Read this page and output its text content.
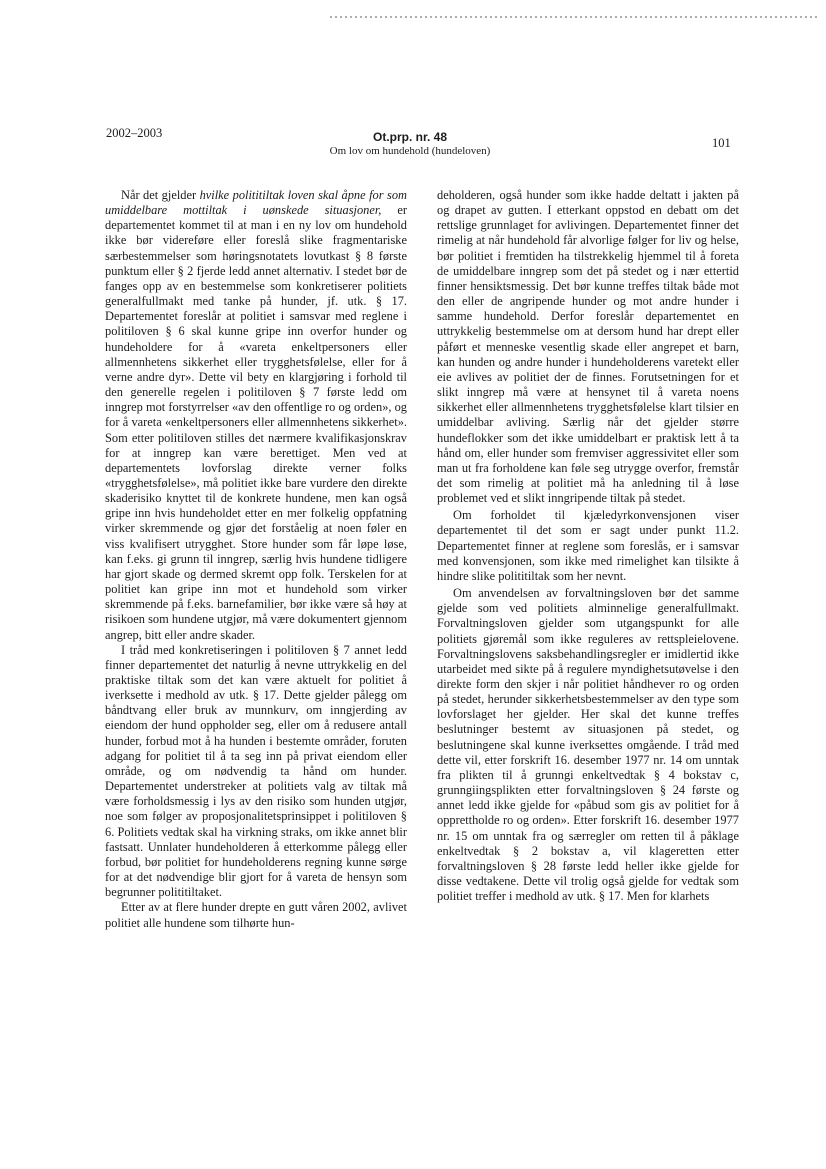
2002–2003	Ot.prp. nr. 48
Om lov om hundehold (hundeloven)
101

Når det gjelder hvilke polititiltak loven skal åpne for som umiddelbare mottiltak i uønskede situasjoner, er departementet kommet til at man i en ny lov om hundehold ikke bør videreføre eller foreslå slike fragmentariske særbestemmelser som høringsnotatets lovutkast § 8 første punktum eller § 2 fjerde ledd annet alternativ. I stedet bør de fanges opp av en bestemmelse som konkretiserer politiets generalfullmakt med tanke på hunder, jf. utk. § 17. Departementet foreslår at politiet i samsvar med reglene i politiloven § 6 skal kunne gripe inn overfor hunder og hundeholdere for å «vareta enkeltpersoners eller allmennhetens sikkerhet eller trygghetsfølelse, eller for å verne andre dyr». Dette vil bety en klargjøring i forhold til den generelle regelen i politiloven § 7 første ledd om inngrep mot forstyrrelser «av den offentlige ro og orden», og for å vareta «enkeltpersoners eller allmennhetens sikkerhet». Som etter politiloven stilles det nærmere kvalifikasjonskrav for at inngrep kan være berettiget. Men ved at departementets lovforslag direkte verner folks «trygghetsfølelse», må politiet ikke bare vurdere den direkte skaderisiko knyttet til de konkrete hundene, men kan også gripe inn hvis hundeholdet etter en mer folkelig oppfatning virker skremmende og gjør det forståelig at noen føler en viss kvalifisert utrygghet. Store hunder som får løpe løse, kan f.eks. gi grunn til inngrep, særlig hvis hundene tidligere har gjort skade og dermed skremt opp folk. Terskelen for at politiet kan gripe inn mot et hundehold som virker skremmende på f.eks. barnefamilier, bør ikke være så høy at risikoen som hundene utgjør, må være dokumentert gjennom angrep, bitt eller andre skader.

I tråd med konkretiseringen i politiloven § 7 annet ledd finner departementet det naturlig å nevne uttrykkelig en del praktiske tiltak som det kan være aktuelt for politiet å iverksette i medhold av utk. § 17. Dette gjelder pålegg om båndtvang eller bruk av munnkurv, om inngjerding av eiendom der hund oppholder seg, eller om å redusere antall hunder, forbud mot å ha hunden i bestemte områder, foruten adgang for politiet til å ta seg inn på privat eiendom eller område, og om nødvendig ta hånd om hunder. Departementet understreker at politiets valg av tiltak må være forholdsmessig i lys av den risiko som hunden utgjør, noe som følger av proposjonalitetsprinsippet i politiloven § 6. Politiets vedtak skal ha virkning straks, om ikke annet blir fastsatt. Unnlater hundeholderen å etterkomme pålegg eller forbud, bør politiet for hundeholderens regning kunne sørge for at det nødvendige blir gjort for å vareta de hensyn som begrunner polititiltaket.

Etter av at flere hunder drepte en gutt våren 2002, avlivet politiet alle hundene som tilhørte hun-

deholderen, også hunder som ikke hadde deltatt i jakten på og drapet av gutten. I etterkant oppstod en debatt om det rettslige grunnlaget for avlivingen. Departementet finner det rimelig at når hundehold får alvorlige følger for liv og helse, bør politiet i fremtiden ha tilstrekkelig hjemmel til å foreta de umiddelbare inngrep som det på stedet og i nær ettertid finner hensiktsmessig. Det bør kunne treffes tiltak både mot den eller de angripende hunder og mot andre hunder i samme hundehold. Derfor foreslår departementet en uttrykkelig bestemmelse om at dersom hund har drept eller påført et menneske vesentlig skade eller angrepet et barn, kan hunden og andre hunder i hundeholderens varetekt eller eie avlives av politiet der de finnes. Forutsetningen for et slikt inngrep må være at hensynet til å vareta noens sikkerhet eller allmennhetens trygghetsfølelse klart tilsier en umiddelbar avliving. Særlig når det gjelder større hundeflokker som det ikke umiddelbart er praktisk lett å ta hånd om, eller hunder som fremviser aggressivitet eller som man ut fra forholdene kan føle seg utrygge overfor, fremstår det som rimelig at politiet må ha anledning til å løse problemet ved et slikt inngripende tiltak på stedet.

Om forholdet til kjæledyrkonvensjonen viser departementet til det som er sagt under punkt 11.2. Departementet finner at reglene som foreslås, er i samsvar med konvensjonen, som ikke med rimelighet kan tilsikte å hindre slike polititiltak som her nevnt.

Om anvendelsen av forvaltningsloven bør det samme gjelde som ved politiets alminnelige generalfullmakt. Forvaltningsloven gjelder som utgangspunkt for alle politiets gjøremål som ikke reguleres av rettspleielovene. Forvaltningslovens saksbehandlingsregler er imidlertid ikke utarbeidet med sikte på å regulere myndighetsutøvelse i den direkte form den skjer i når politiet håndhever ro og orden på stedet, herunder sikkerhetsbestemmelser av den type som lovforslaget her gjelder. Her skal det kunne treffes beslutninger bestemt av situasjonen på stedet, og beslutningene skal kunne iverksettes omgående. I tråd med dette vil, etter forskrift 16. desember 1977 nr. 14 om unntak fra plikten til å grunngi enkeltvedtak § 4 bokstav c, grunngiingsplikten etter forvaltningsloven § 24 første og annet ledd ikke gjelde for «påbud som gis av politiet for å opprettholde ro og orden». Etter forskrift 16. desember 1977 nr. 15 om unntak fra og særregler om retten til å påklage enkeltvedtak § 2 bokstav a, vil klageretten etter forvaltningsloven § 28 første ledd heller ikke gjelde for disse vedtakene. Dette vil trolig også gjelde for vedtak som politiet treffer i medhold av utk. § 17. Men for klarhets
